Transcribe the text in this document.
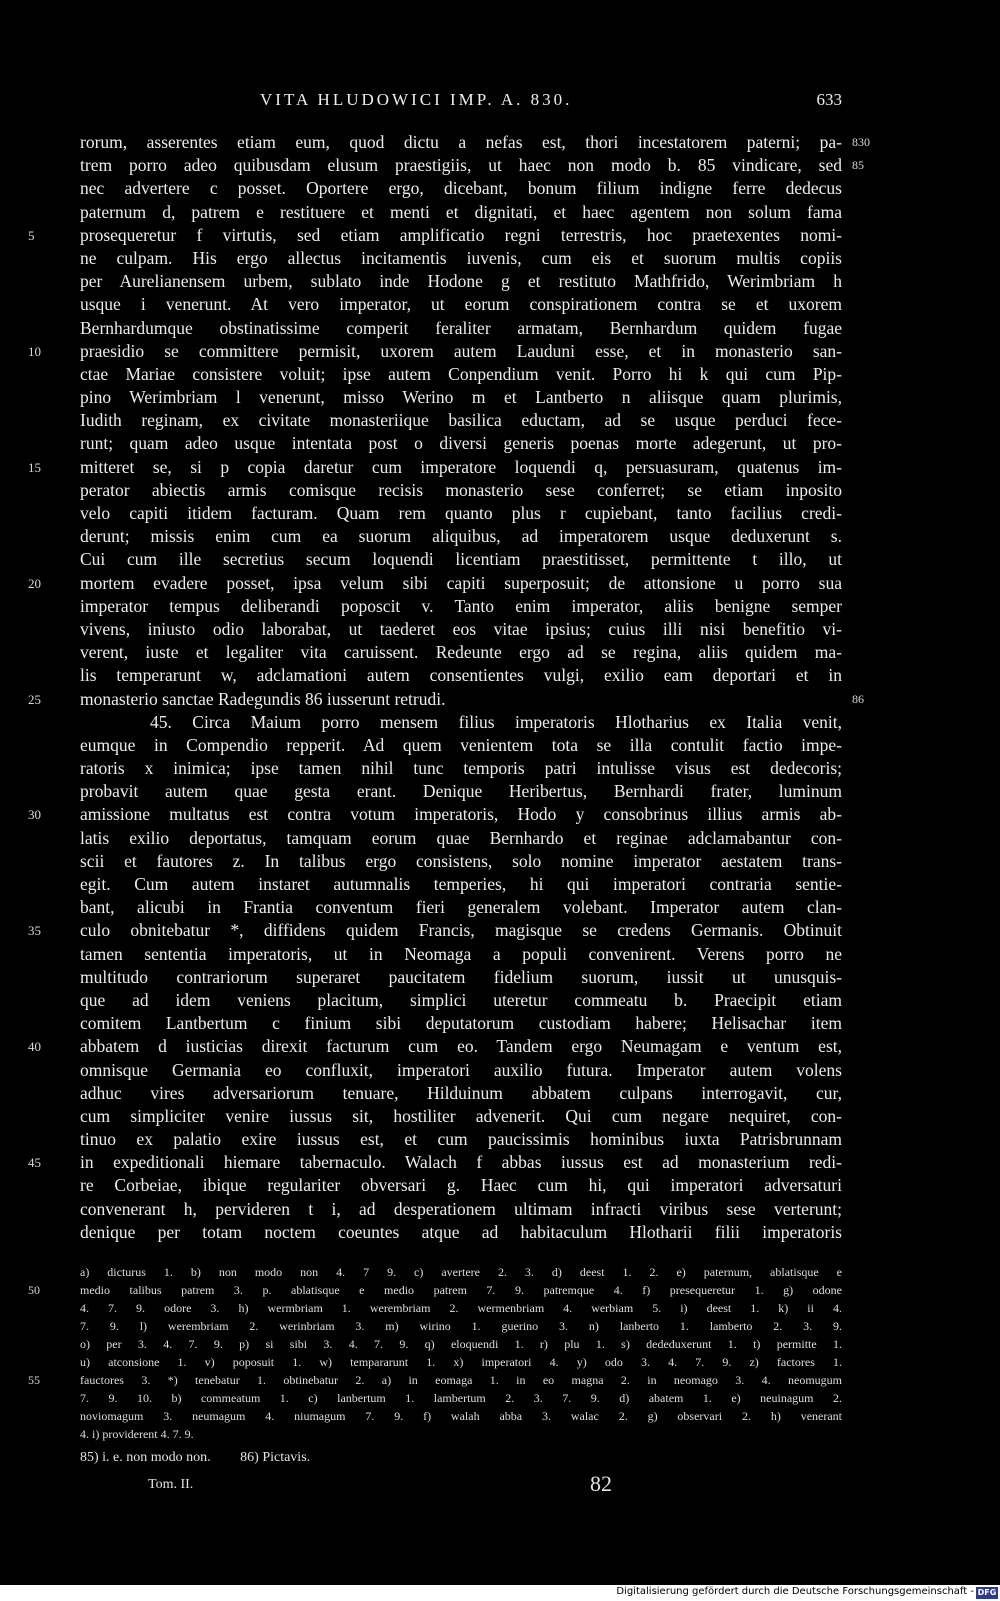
VITA HLUDOWICI IMP. A. 830.	633
rorum, asserentes etiam eum, quod dictu a nefas est, thori incestatorem paterni; pa- 830
trem porro adeo quibusdam elusum praestigiis, ut haec non modo b. 85 vindicare, sed 85
nec advertere c posset. Oportere ergo, dicebant, bonum filium indigne ferre dedecus
paternum d, patrem e restituere et menti et dignitati, et haec agentem non solum fama
prosequeretur f virtutis, sed etiam amplificatio regni terrestris, hoc praetexentes nomi-
5
ne culpam. His ergo allectus incitamentis iuvenis, cum eis et suorum multis copiis
per Aurelianensem urbem, sublato inde Hodone g et restituto Mathfrido, Werimbriam h
usque i venerunt. At vero imperator, ut eorum conspirationem contra se et uxorem
Bernhardumque obstinatissime comperit feraliter armatam, Bernhardum quidem fugae
praesidio se committere permisit, uxorem autem Lauduni esse, et in monasterio san-
10
ctae Mariae consistere voluit; ipse autem Conpendium venit. Porro hi k qui cum Pip-
pino Werimbriam l venerunt, misso Werino m et Lantberto n aliisque quam plurimis,
Iudith reginam, ex civitate monasteriique basilica eductam, ad se usque perduci fece-
runt; quam adeo usque intentata post o diversi generis poenas morte adegerunt, ut pro-
mitteret se, si p copia daretur cum imperatore loquendi q, persuasuram, quatenus im-
15
perator abiectis armis comisque recisis monasterio sese conferret; se etiam inposito
velo capiti itidem facturam. Quam rem quanto plus r cupiebant, tanto facilius credi-
derunt; missis enim cum ea suorum aliquibus, ad imperatorem usque deduxerunt s.
Cui cum ille secretius secum loquendi licentiam praestitisset, permittente t illo, ut
mortem evadere posset, ipsa velum sibi capiti superposuit; de attonsione u porro sua
20
imperator tempus deliberandi poposcit v. Tanto enim imperator, aliis benigne semper
vivens, iniusto odio laborabat, ut taederet eos vitae ipsius; cuius illi nisi benefitio vi-
verent, iuste et legaliter vita caruissent. Redeunte ergo ad se regina, aliis quidem ma-
lis temperarunt w, adclamationi autem consentientes vulgi, exilio eam deportari et in
monasterio sanctae Radegundis 86 iusserunt retrudi.
25	86
45. Circa Maium porro mensem filius imperatoris Hlotharius ex Italia venit,
eumque in Compendio repperit. Ad quem venientem tota se illa contulit factio impe-
ratoris x inimica; ipse tamen nihil tunc temporis patri intulisse visus est dedecoris;
probavit autem quae gesta erant. Denique Heribertus, Bernhardi frater, luminum
amissione multatus est contra votum imperatoris, Hodo y consobrinus illius armis ab-
30
latis exilio deportatus, tamquam eorum quae Bernhardo et reginae adclamabantur con-
scii et fautores z. In talibus ergo consistens, solo nomine imperator aestatem trans-
egit. Cum autem instaret autumnalis temperies, hi qui imperatori contraria sentie-
bant, alicubi in Frantia conventum fieri generalem volebant. Imperator autem clan-
culo obnitebatur *, diffidens quidem Francis, magisque se credens Germanis. Obtinuit
35
tamen sententia imperatoris, ut in Neomaga a populi convenirent. Verens porro ne
multitudo contrariorum superaret paucitatem fidelium suorum, iussit ut unusquis-
que ad idem veniens placitum, simplici uteretur commeatu b. Praecipit etiam
comitem Lantbertum c finium sibi deputatorum custodiam habere; Helisachar item
abbatem d iusticias direxit facturum cum eo. Tandem ergo Neumagam e ventum est,
40
omnisque Germania eo confluxit, imperatori auxilio futura. Imperator autem volens
adhuc vires adversariorum tenuare, Hilduinum abbatem culpans interrogavit, cur,
cum simpliciter venire iussus sit, hostiliter advenerit. Qui cum negare nequiret, con-
tinuo ex palatio exire iussus est, et cum paucissimis hominibus iuxta Patrisbrunnam
in expeditionali hiemare tabernaculo. Walach f abbas iussus est ad monasterium redi-
45
re Corbeiae, ibique regulariter obversari g. Haec cum hi, qui imperatori adversaturi
convenerant h, pervideren t i, ad desperationem ultimam infracti viribus sese verterunt;
denique per totam noctem coeuntes atque ad habitaculum Hlotharii filii imperatoris
a) dicturus 1. b) non modo non 4. 7 9. c) avertere 2. 3. d) deest 1. 2. e) paternum, ablatisque e
medio talibus patrem 3. p. ablatisque e medio patrem 7. 9. patremque 4. f) presequeretur 1. g) odone
50
4. 7. 9. odore 3. h) wermbriam 1. werembriam 2. wermenbriam 4. werbiam 5. i) deest 1. k) ii 4.
7. 9. l) werembriam 2. werinbriam 3. m) wirino 1. guerino 3. n) lanberto 1. lamberto 2. 3. 9.
o) per 3. 4. 7. 9. p) si sibi 3. 4. 7. 9. q) eloquendi 1. r) plu 1. s) dededuxerunt 1. t) permitte 1.
u) atconsione 1. v) poposuit 1. w) tempararunt 1. x) imperatori 4. y) odo 3. 4. 7. 9. z) factores 1.
fauctores 3. *) tenebatur 1. obtinebatur 2. a) in eomaga 1. in eo magna 2. in neomago 3. 4. neomugum
55
7. 9. 10. b) commeatum 1. c) lanbertum 1. lambertum 2. 3. 7. 9. d) abatem 1. e) neuinagum 2.
noviomagum 3. neumagum 4. niumagum 7. 9. f) walah abba 3. walac 2. g) observari 2. h) venerant
4. i) providerent 4. 7. 9.
85) i. e. non modo non. 86) Pictavis.
Tom. II.	82
Digitalisierung gefördert durch die Deutsche Forschungsgemeinschaft - DFG
